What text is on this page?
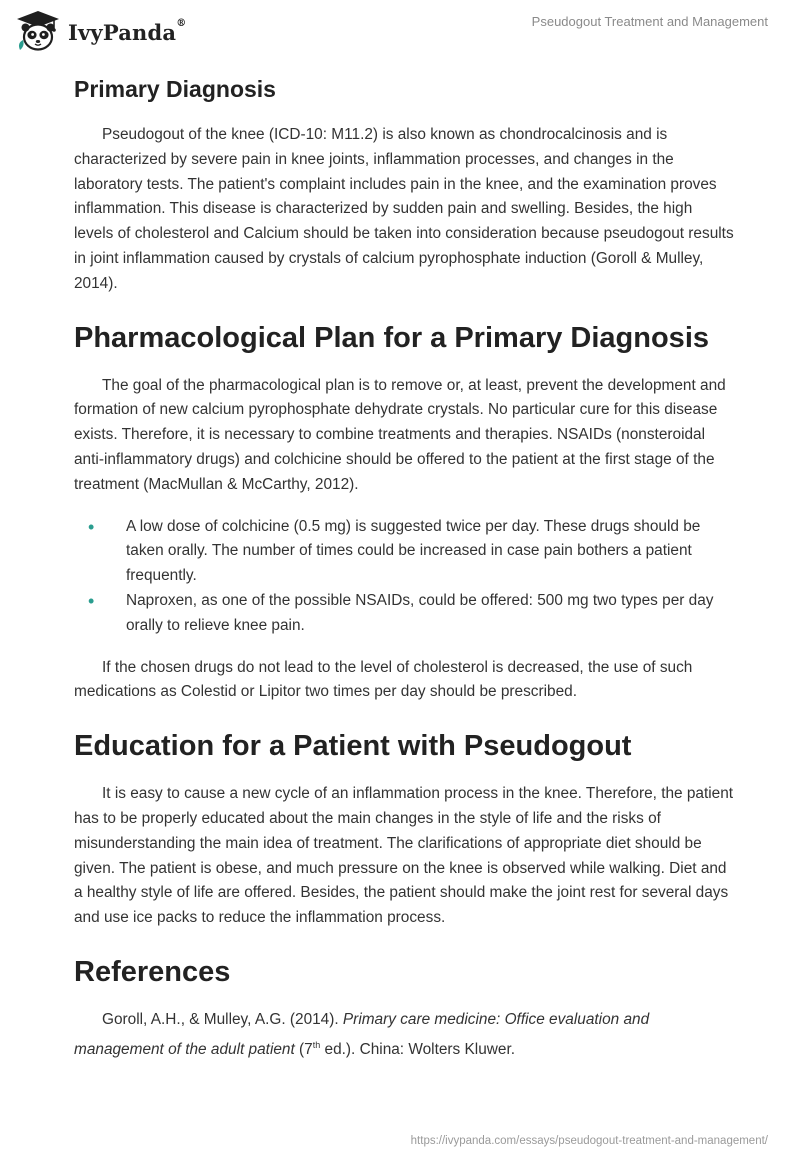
IvyPanda®	Pseudogout Treatment and Management
Primary Diagnosis

Pseudogout of the knee (ICD-10: M11.2) is also known as chondrocalcinosis and is characterized by severe pain in knee joints, inflammation processes, and changes in the laboratory tests. The patient's complaint includes pain in the knee, and the examination proves inflammation. This disease is characterized by sudden pain and swelling. Besides, the high levels of cholesterol and Calcium should be taken into consideration because pseudogout results in joint inflammation caused by crystals of calcium pyrophosphate induction (Goroll & Mulley, 2014).

Pharmacological Plan for a Primary Diagnosis

The goal of the pharmacological plan is to remove or, at least, prevent the development and formation of new calcium pyrophosphate dehydrate crystals. No particular cure for this disease exists. Therefore, it is necessary to combine treatments and therapies. NSAIDs (nonsteroidal anti-inflammatory drugs) and colchicine should be offered to the patient at the first stage of the treatment (MacMullan & McCarthy, 2012).

• A low dose of colchicine (0.5 mg) is suggested twice per day. These drugs should be taken orally. The number of times could be increased in case pain bothers a patient frequently.
• Naproxen, as one of the possible NSAIDs, could be offered: 500 mg two types per day orally to relieve knee pain.

If the chosen drugs do not lead to the level of cholesterol is decreased, the use of such medications as Colestid or Lipitor two times per day should be prescribed.

Education for a Patient with Pseudogout

It is easy to cause a new cycle of an inflammation process in the knee. Therefore, the patient has to be properly educated about the main changes in the style of life and the risks of misunderstanding the main idea of treatment. The clarifications of appropriate diet should be given. The patient is obese, and much pressure on the knee is observed while walking. Diet and a healthy style of life are offered. Besides, the patient should make the joint rest for several days and use ice packs to reduce the inflammation process.

References

Goroll, A.H., & Mulley, A.G. (2014). Primary care medicine: Office evaluation and management of the adult patient (7th ed.). China: Wolters Kluwer.

https://ivypanda.com/essays/pseudogout-treatment-and-management/
